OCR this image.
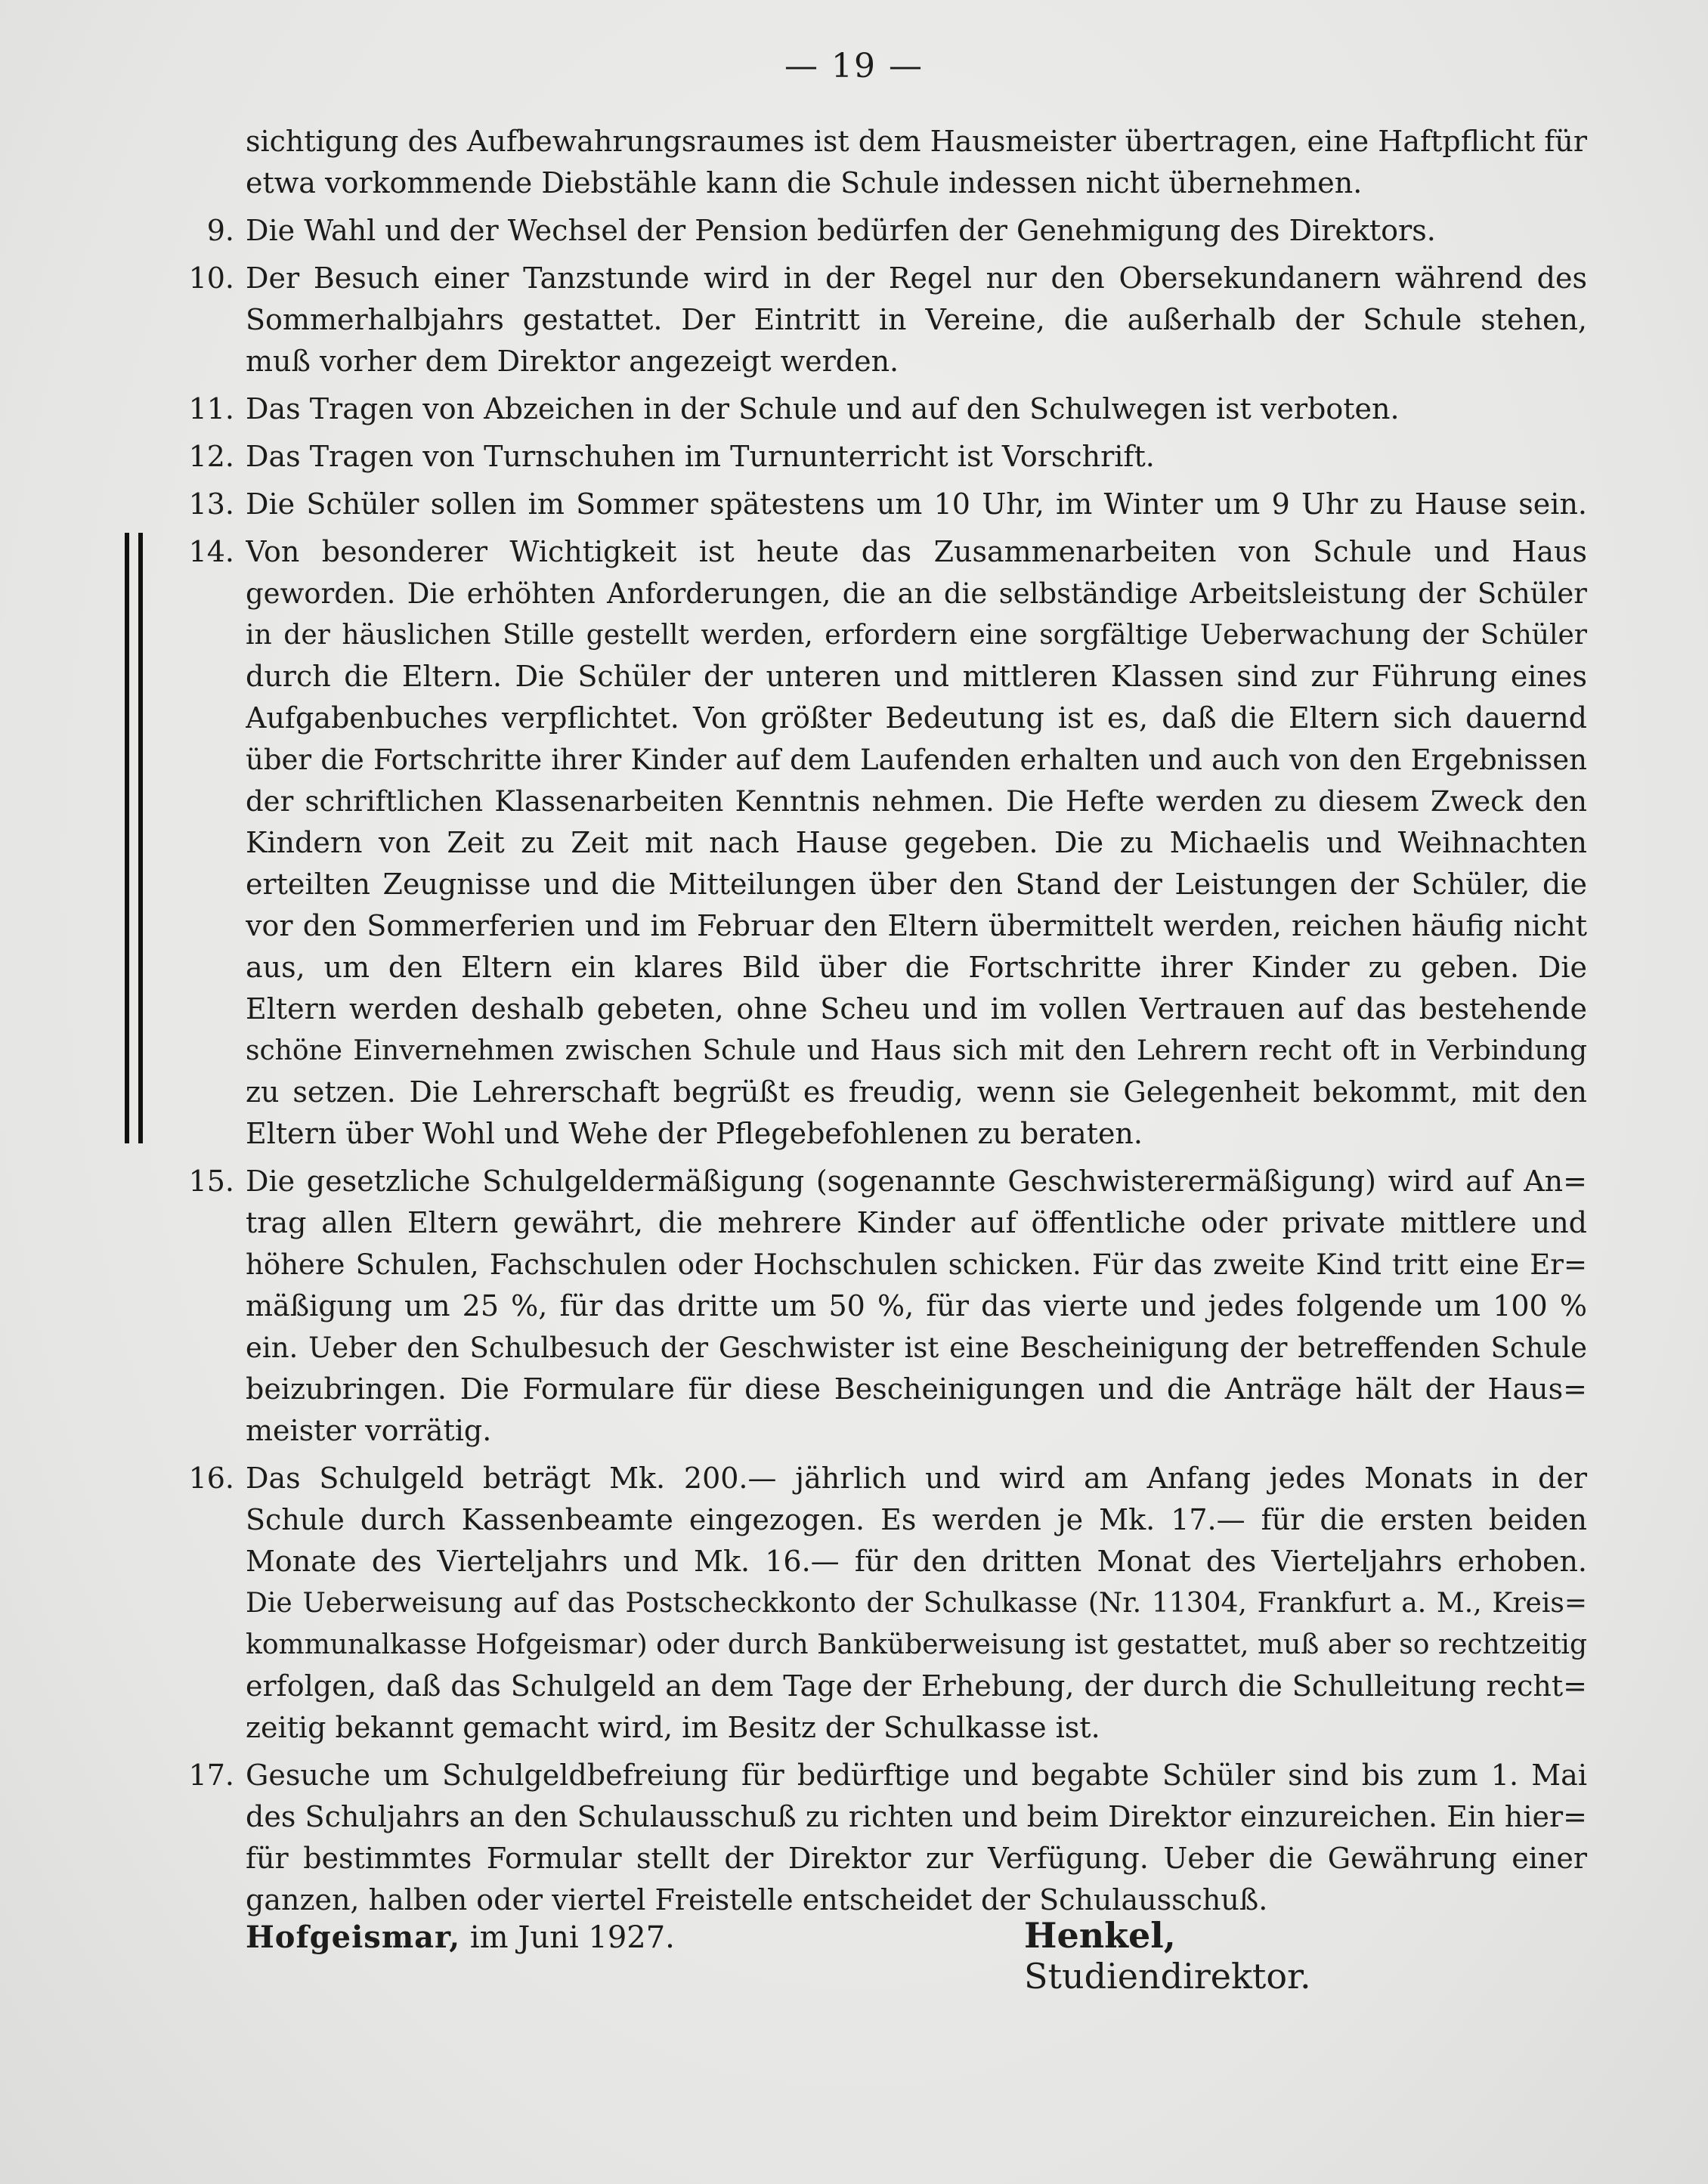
— 19 —
sichtigung des Aufbewahrungsraumes ist dem Hausmeister übertragen, eine Haftpflicht für
etwa vorkommende Diebstähle kann die Schule indessen nicht übernehmen.
9. Die Wahl und der Wechsel der Pension bedürfen der Genehmigung des Direktors.
10. Der Besuch einer Tanzstunde wird in der Regel nur den Obersekundanern während des
Sommerhalbjahrs gestattet. Der Eintritt in Vereine, die außerhalb der Schule stehen,
muß vorher dem Direktor angezeigt werden.
11. Das Tragen von Abzeichen in der Schule und auf den Schulwegen ist verboten.
12. Das Tragen von Turnschuhen im Turnunterricht ist Vorschrift.
13. Die Schüler sollen im Sommer spätestens um 10 Uhr, im Winter um 9 Uhr zu Hause sein.
14. Von besonderer Wichtigkeit ist heute das Zusammenarbeiten von Schule und Haus
geworden. Die erhöhten Anforderungen, die an die selbständige Arbeitsleistung der Schüler
in der häuslichen Stille gestellt werden, erfordern eine sorgfältige Ueberwachung der Schüler
durch die Eltern. Die Schüler der unteren und mittleren Klassen sind zur Führung eines
Aufgabenbuches verpflichtet. Von größter Bedeutung ist es, daß die Eltern sich dauernd
über die Fortschritte ihrer Kinder auf dem Laufenden erhalten und auch von den Ergebnissen
der schriftlichen Klassenarbeiten Kenntnis nehmen. Die Hefte werden zu diesem Zweck den
Kindern von Zeit zu Zeit mit nach Hause gegeben. Die zu Michaelis und Weihnachten
erteilten Zeugnisse und die Mitteilungen über den Stand der Leistungen der Schüler, die
vor den Sommerferien und im Februar den Eltern übermittelt werden, reichen häufig nicht
aus, um den Eltern ein klares Bild über die Fortschritte ihrer Kinder zu geben. Die
Eltern werden deshalb gebeten, ohne Scheu und im vollen Vertrauen auf das bestehende
schöne Einvernehmen zwischen Schule und Haus sich mit den Lehrern recht oft in Verbindung
zu setzen. Die Lehrerschaft begrüßt es freudig, wenn sie Gelegenheit bekommt, mit den
Eltern über Wohl und Wehe der Pflegebefohlenen zu beraten.
15. Die gesetzliche Schulgeldermäßigung (sogenannte Geschwisterermäßigung) wird auf An=
trag allen Eltern gewährt, die mehrere Kinder auf öffentliche oder private mittlere und
höhere Schulen, Fachschulen oder Hochschulen schicken. Für das zweite Kind tritt eine Er=
mäßigung um 25 %, für das dritte um 50 %, für das vierte und jedes folgende um 100 %
ein. Ueber den Schulbesuch der Geschwister ist eine Bescheinigung der betreffenden Schule
beizubringen. Die Formulare für diese Bescheinigungen und die Anträge hält der Haus=
meister vorrätig.
16. Das Schulgeld beträgt Mk. 200.— jährlich und wird am Anfang jedes Monats in der
Schule durch Kassenbeamte eingezogen. Es werden je Mk. 17.— für die ersten beiden
Monate des Vierteljahrs und Mk. 16.— für den dritten Monat des Vierteljahrs erhoben.
Die Ueberweisung auf das Postscheckkonto der Schulkasse (Nr. 11304, Frankfurt a. M., Kreis=
kommunalkasse Hofgeismar) oder durch Banküberweisung ist gestattet, muß aber so rechtzeitig
erfolgen, daß das Schulgeld an dem Tage der Erhebung, der durch die Schulleitung recht=
zeitig bekannt gemacht wird, im Besitz der Schulkasse ist.
17. Gesuche um Schulgeldbefreiung für bedürftige und begabte Schüler sind bis zum 1. Mai
des Schuljahrs an den Schulausschuß zu richten und beim Direktor einzureichen. Ein hier=
für bestimmtes Formular stellt der Direktor zur Verfügung. Ueber die Gewährung einer
ganzen, halben oder viertel Freistelle entscheidet der Schulausschuß.
Hofgeismar, im Juni 1927.	Henkel, Studiendirektor.
